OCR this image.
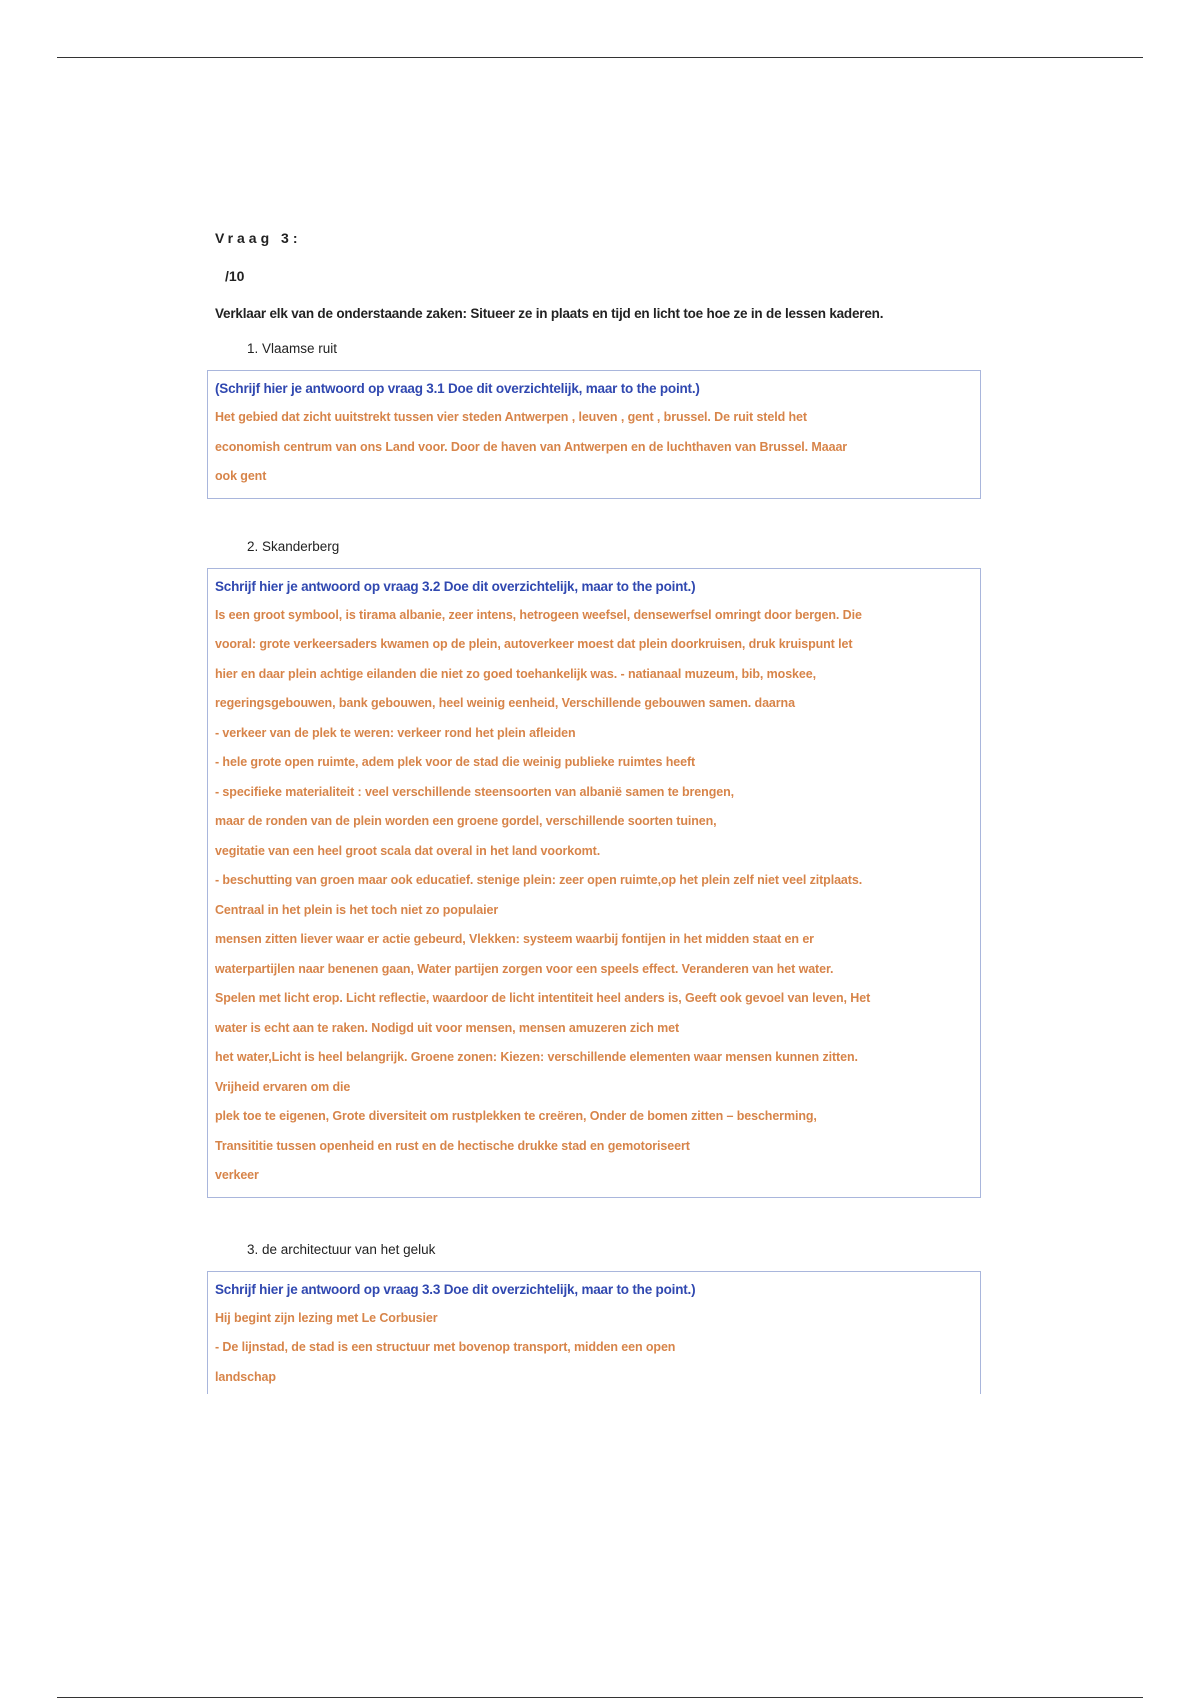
Vraag 3:
/10
Verklaar elk van de onderstaande zaken: Situeer ze in plaats en tijd en licht toe hoe ze in de lessen kaderen.
1. Vlaamse ruit
(Schrijf hier je antwoord op vraag 3.1 Doe dit overzichtelijk, maar to the point.)
Het gebied dat zicht uuitstrekt tussen vier steden Antwerpen , leuven , gent , brussel. De ruit steld het
economish centrum van ons Land voor. Door de haven van Antwerpen en de luchthaven van Brussel. Maaar
ook gent
2. Skanderberg
Schrijf hier je antwoord op vraag 3.2 Doe dit overzichtelijk, maar to the point.)
Is een groot symbool, is tirama albanie, zeer intens, hetrogeen weefsel, densewerfsel omringt door bergen. Die
vooral: grote verkeersaders kwamen op de plein, autoverkeer moest dat plein doorkruisen, druk kruispunt let
hier en daar plein achtige eilanden die niet zo goed toehankelijk was. - natianaal muzeum, bib, moskee,
regeringsgebouwen, bank gebouwen, heel weinig eenheid, Verschillende gebouwen samen. daarna
- verkeer van de plek te weren: verkeer rond het plein afleiden
- hele grote open ruimte, adem plek voor de stad die weinig publieke ruimtes heeft
- specifieke materialiteit : veel verschillende steensoorten van albanië samen te brengen,
maar de ronden van de plein worden een groene gordel, verschillende soorten tuinen,
vegitatie van een heel groot scala dat overal in het land voorkomt.
- beschutting van groen maar ook educatief. stenige plein: zeer open ruimte,op het plein zelf niet veel zitplaats.
Centraal in het plein is het toch niet zo populaier
mensen zitten liever waar er actie gebeurd, Vlekken: systeem waarbij fontijen in het midden staat en er
waterpartijlen naar benenen gaan, Water partijen zorgen voor een speels effect. Veranderen van het water.
Spelen met licht erop. Licht reflectie, waardoor de licht intentiteit heel anders is, Geeft ook gevoel van leven, Het
water is echt aan te raken. Nodigd uit voor mensen, mensen amuzeren zich met
het water,Licht is heel belangrijk. Groene zonen: Kiezen: verschillende elementen waar mensen kunnen zitten.
Vrijheid ervaren om die
plek toe te eigenen, Grote diversiteit om rustplekken te creëren, Onder de bomen zitten – bescherming,
Transititie tussen openheid en rust en de hectische drukke stad en gemotoriseert
verkeer
3. de architectuur van het geluk
Schrijf hier je antwoord op vraag 3.3 Doe dit overzichtelijk, maar to the point.)
Hij begint zijn lezing met Le Corbusier
- De lijnstad, de stad is een structuur met bovenop transport, midden een open
landschap
